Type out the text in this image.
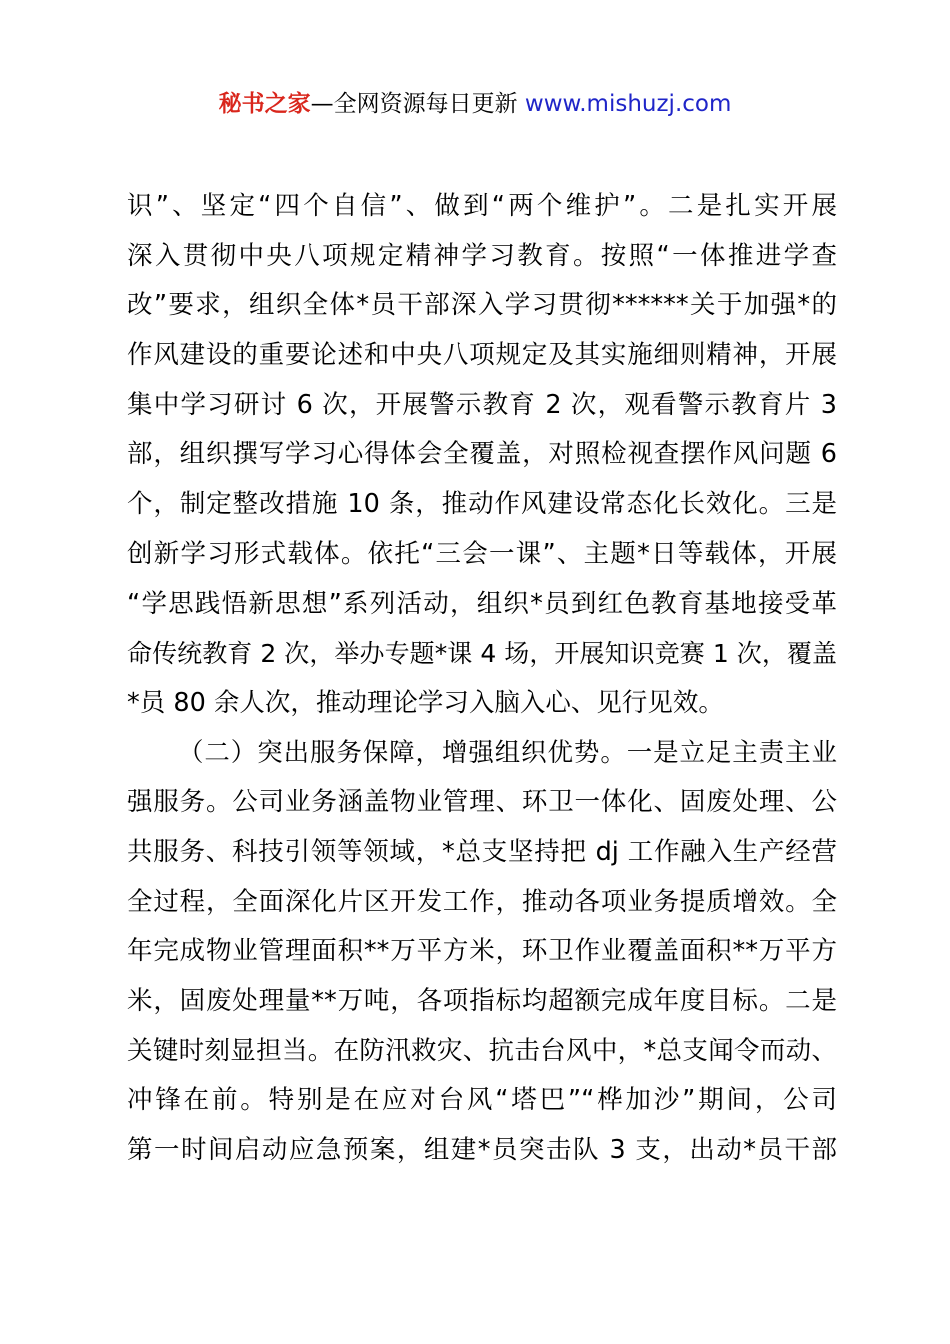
秘书之家—全网资源每日更新 www.mishuzj.com
识”、坚定“四个自信”、做到“两个维护”。二是扎实开展
深入贯彻中央八项规定精神学习教育。按照“一体推进学查
改”要求，组织全体*员干部深入学习贯彻******关于加强*的
作风建设的重要论述和中央八项规定及其实施细则精神，开展
集中学习研讨 6 次，开展警示教育 2 次，观看警示教育片 3
部，组织撰写学习心得体会全覆盖，对照检视查摆作风问题 6
个，制定整改措施 10 条，推动作风建设常态化长效化。三是
创新学习形式载体。依托“三会一课”、主题*日等载体，开展
“学思践悟新思想”系列活动，组织*员到红色教育基地接受革
命传统教育 2 次，举办专题*课 4 场，开展知识竞赛 1 次，覆盖
*员 80 余人次，推动理论学习入脑入心、见行见效。
（二）突出服务保障，增强组织优势。一是立足主责主业
强服务。公司业务涵盖物业管理、环卫一体化、固废处理、公
共服务、科技引领等领域，*总支坚持把 dj 工作融入生产经营
全过程，全面深化片区开发工作，推动各项业务提质增效。全
年完成物业管理面积**万平方米，环卫作业覆盖面积**万平方
米，固废处理量**万吨，各项指标均超额完成年度目标。二是
关键时刻显担当。在防汛救灾、抗击台风中，*总支闻令而动、
冲锋在前。特别是在应对台风“塔巴”“桦加沙”期间，公司
第一时间启动应急预案，组建*员突击队 3 支，出动*员干部
